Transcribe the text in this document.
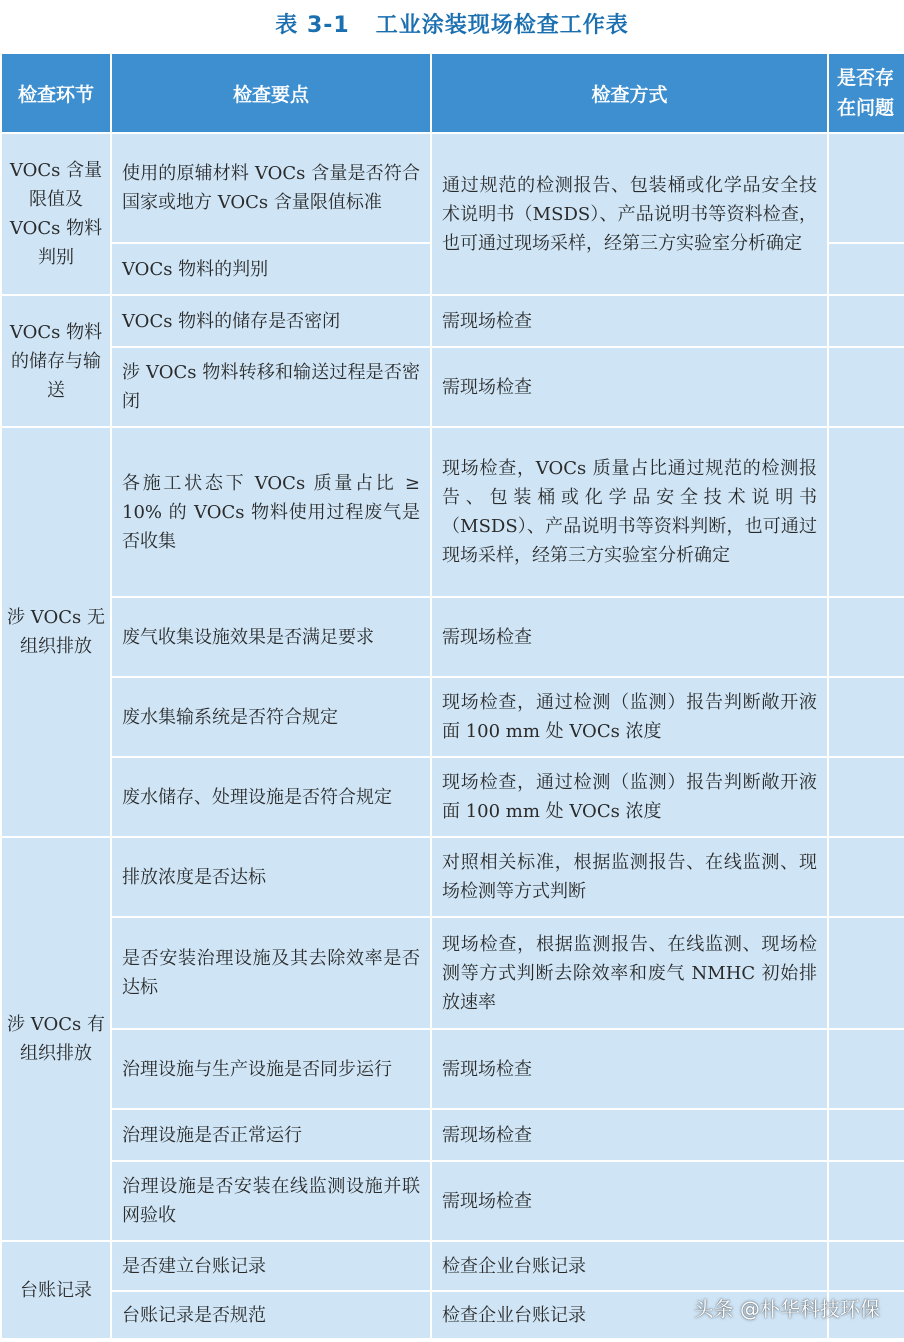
表 3-1 工业涂装现场检查工作表
检查环节	检查要点	检查方式	是否存在问题
VOCs 含量限值及 VOCs 物料判别	使用的原辅材料 VOCs 含量是否符合国家或地方 VOCs 含量限值标准	通过规范的检测报告、包装桶或化学品安全技术说明书（MSDS）、产品说明书等资料检查，也可通过现场采样，经第三方实验室分析确定	
	VOCs 物料的判别		
VOCs 物料的储存与输送	VOCs 物料的储存是否密闭	需现场检查	
	涉 VOCs 物料转移和输送过程是否密闭	需现场检查	
涉 VOCs 无组织排放	各施工状态下 VOCs 质量占比 ≥ 10% 的 VOCs 物料使用过程废气是否收集	现场检查，VOCs 质量占比通过规范的检测报告、包装桶或化学品安全技术说明书（MSDS）、产品说明书等资料判断，也可通过现场采样，经第三方实验室分析确定	
	废气收集设施效果是否满足要求	需现场检查	
	废水集输系统是否符合规定	现场检查，通过检测（监测）报告判断敞开液面 100 mm 处 VOCs 浓度	
	废水储存、处理设施是否符合规定	现场检查，通过检测（监测）报告判断敞开液面 100 mm 处 VOCs 浓度	
涉 VOCs 有组织排放	排放浓度是否达标	对照相关标准，根据监测报告、在线监测、现场检测等方式判断	
	是否安装治理设施及其去除效率是否达标	现场检查，根据监测报告、在线监测、现场检测等方式判断去除效率和废气 NMHC 初始排放速率	
	治理设施与生产设施是否同步运行	需现场检查	
	治理设施是否正常运行	需现场检查	
	治理设施是否安装在线监测设施并联网验收	需现场检查	
台账记录	是否建立台账记录	检查企业台账记录	
	台账记录是否规范	检查企业台账记录		头条 @朴华科技环保
